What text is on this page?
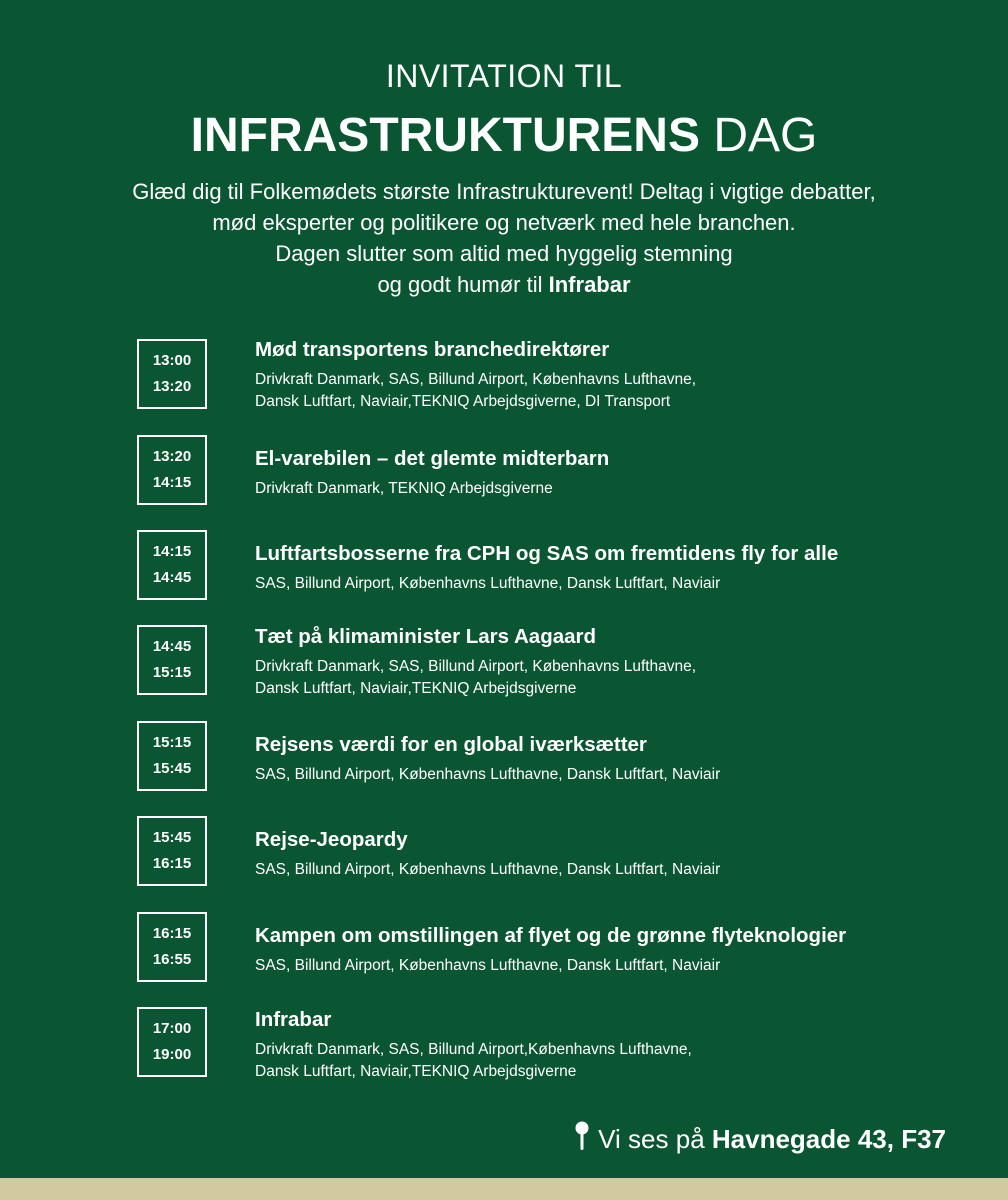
INVITATION TIL
INFRASTRUKTURENS DAG
Glæd dig til Folkemødets største Infrastrukturevent! Deltag i vigtige debatter,
mød eksperter og politikere og netværk med hele branchen.
Dagen slutter som altid med hyggelig stemning
og godt humør til Infrabar
13:00
13:20
Mød transportens branchedirektører
Drivkraft Danmark, SAS, Billund Airport, Københavns Lufthavne,
Dansk Luftfart, Naviair,TEKNIQ Arbejdsgiverne, DI Transport
13:20
14:15
El-varebilen – det glemte midterbarn
Drivkraft Danmark, TEKNIQ Arbejdsgiverne
14:15
14:45
Luftfartsbosserne fra CPH og SAS om fremtidens fly for alle
SAS, Billund Airport, Københavns Lufthavne, Dansk Luftfart, Naviair
14:45
15:15
Tæt på klimaminister Lars Aagaard
Drivkraft Danmark, SAS, Billund Airport, Københavns Lufthavne,
Dansk Luftfart, Naviair,TEKNIQ Arbejdsgiverne
15:15
15:45
Rejsens værdi for en global iværksætter
SAS, Billund Airport, Københavns Lufthavne, Dansk Luftfart, Naviair
15:45
16:15
Rejse-Jeopardy
SAS, Billund Airport, Københavns Lufthavne, Dansk Luftfart, Naviair
16:15
16:55
Kampen om omstillingen af flyet og de grønne flyteknologier
SAS, Billund Airport, Københavns Lufthavne, Dansk Luftfart, Naviair
17:00
19:00
Infrabar
Drivkraft Danmark, SAS, Billund Airport,Københavns Lufthavne,
Dansk Luftfart, Naviair,TEKNIQ Arbejdsgiverne
Vi ses på Havnegade 43, F37
